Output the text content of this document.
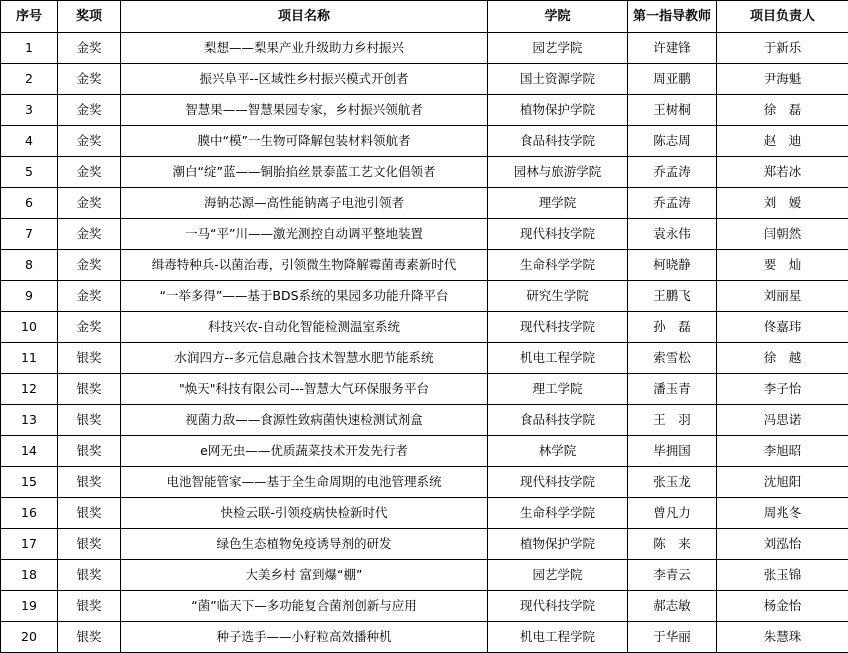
序号	奖项	项目名称	学院	第一指导教师	项目负责人
1	金奖	梨想——梨果产业升级助力乡村振兴	园艺学院	许建锋	于新乐
2	金奖	振兴阜平--区域性乡村振兴模式开创者	国土资源学院	周亚鹏	尹海魁
3	金奖	智慧果——智慧果园专家，乡村振兴领航者	植物保护学院	王树桐	徐　磊
4	金奖	膜中“模”一生物可降解包装材料领航者	食品科技学院	陈志周	赵　迪
5	金奖	潮白“绽”蓝——铜胎掐丝景泰蓝工艺文化倡领者	园林与旅游学院	乔孟涛	郑若冰
6	金奖	海钠芯源—高性能钠离子电池引领者	理学院	乔孟涛	刘　嫒
7	金奖	一马“平”川——激光测控自动调平整地装置	现代科技学院	袁永伟	闫朝然
8	金奖	缉毒特种兵-以菌治毒，引领微生物降解霉菌毒素新时代	生命科学学院	柯晓静	要　灿
9	金奖	“一举多得”——基于BDS系统的果园多功能升降平台	研究生学院	王鹏飞	刘丽星
10	金奖	科技兴农-自动化智能检测温室系统	现代科技学院	孙　磊	佟嘉玮
11	银奖	水润四方--多元信息融合技术智慧水肥节能系统	机电工程学院	索雪松	徐　越
12	银奖	"焕天"科技有限公司---智慧大气环保服务平台	理工学院	潘玉青	李子怡
13	银奖	视菌力敌——食源性致病菌快速检测试剂盒	食品科技学院	王　羽	冯思诺
14	银奖	e网无虫——优质蔬菜技术开发先行者	林学院	毕拥国	李旭昭
15	银奖	电池智能管家——基于全生命周期的电池管理系统	现代科技学院	张玉龙	沈旭阳
16	银奖	快检云联-引领疫病快检新时代	生命科学学院	曾凡力	周兆冬
17	银奖	绿色生态植物免疫诱导剂的研发	植物保护学院	陈　来	刘泓怡
18	银奖	大美乡村 富到爆“棚”	园艺学院	李青云	张玉锦
19	银奖	“菌”临天下—多功能复合菌剂创新与应用	现代科技学院	郝志敏	杨金怡
20	银奖	种子选手——小籽粒高效播种机	机电工程学院	于华丽	朱慧珠
